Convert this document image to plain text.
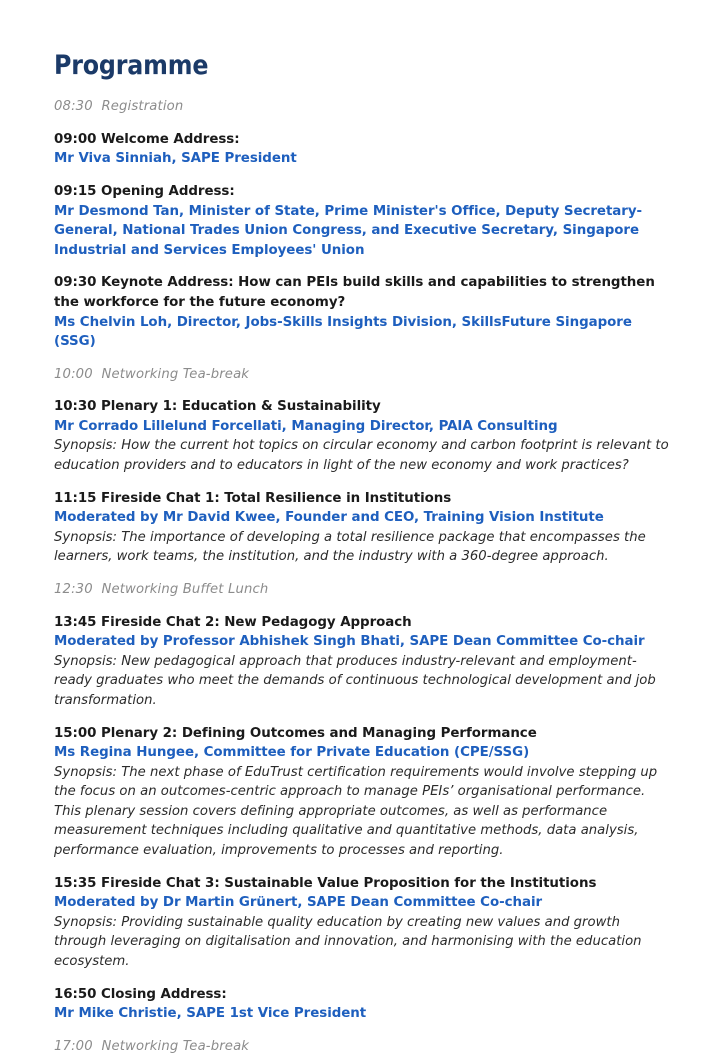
Programme
08:30  Registration
09:00 Welcome Address:
Mr Viva Sinniah, SAPE President
09:15 Opening Address:
Mr Desmond Tan, Minister of State, Prime Minister's Office, Deputy Secretary-General, National Trades Union Congress, and Executive Secretary, Singapore Industrial and Services Employees' Union
09:30 Keynote Address: How can PEIs build skills and capabilities to strengthen the workforce for the future economy?
Ms Chelvin Loh, Director, Jobs-Skills Insights Division, SkillsFuture Singapore (SSG)
10:00  Networking Tea-break
10:30 Plenary 1: Education & Sustainability
Mr Corrado Lillelund Forcellati, Managing Director, PAIA Consulting
Synopsis: How the current hot topics on circular economy and carbon footprint is relevant to education providers and to educators in light of the new economy and work practices?
11:15 Fireside Chat 1: Total Resilience in Institutions
Moderated by Mr David Kwee, Founder and CEO, Training Vision Institute
Synopsis: The importance of developing a total resilience package that encompasses the learners, work teams, the institution, and the industry with a 360-degree approach.
12:30  Networking Buffet Lunch
13:45 Fireside Chat 2: New Pedagogy Approach
Moderated by Professor Abhishek Singh Bhati, SAPE Dean Committee Co-chair
Synopsis: New pedagogical approach that produces industry-relevant and employment-ready graduates who meet the demands of continuous technological development and job transformation.
15:00 Plenary 2: Defining Outcomes and Managing Performance
Ms Regina Hungee, Committee for Private Education (CPE/SSG)
Synopsis: The next phase of EduTrust certification requirements would involve stepping up the focus on an outcomes-centric approach to manage PEIs’ organisational performance. This plenary session covers defining appropriate outcomes, as well as performance measurement techniques including qualitative and quantitative methods, data analysis, performance evaluation, improvements to processes and reporting.
15:35 Fireside Chat 3: Sustainable Value Proposition for the Institutions
Moderated by Dr Martin Grünert, SAPE Dean Committee Co-chair
Synopsis: Providing sustainable quality education by creating new values and growth through leveraging on digitalisation and innovation, and harmonising with the education ecosystem.
16:50 Closing Address:
Mr Mike Christie, SAPE 1st Vice President
17:00  Networking Tea-break
